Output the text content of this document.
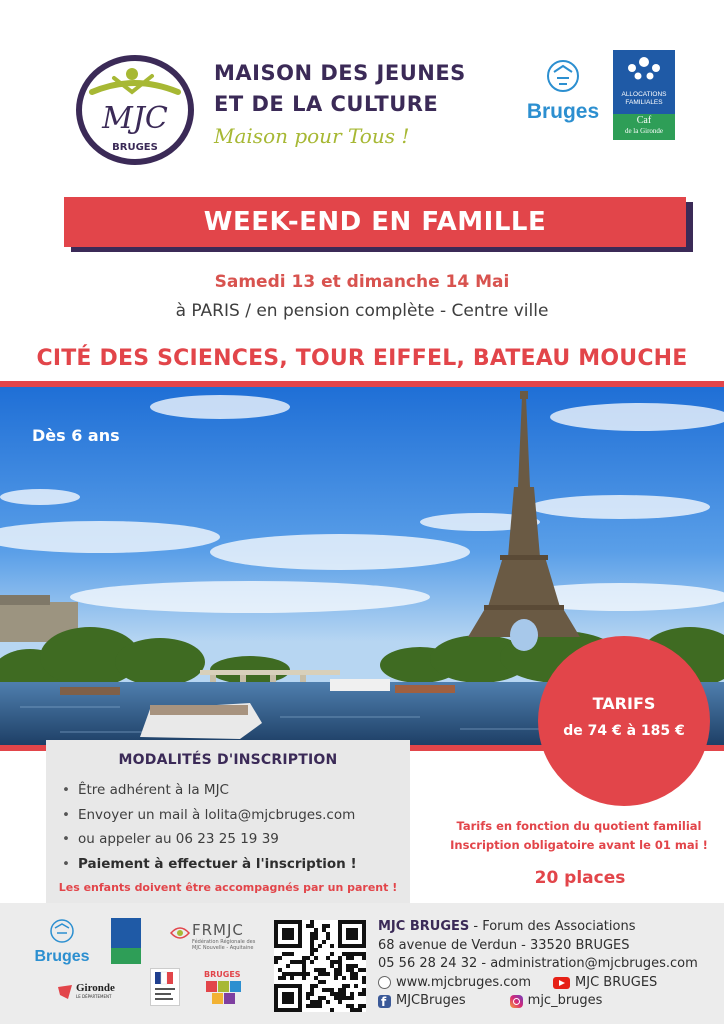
MJC
BRUGES
MAISON DES JEUNES
ET DE LA CULTURE
Maison pour Tous !
Bruges
ALLOCATIONS
FAMILIALES
Caf
de la Gironde
WEEK-END EN FAMILLE
Samedi 13 et dimanche 14 Mai
à PARIS / en pension complète - Centre ville
CITÉ DES SCIENCES, TOUR EIFFEL, BATEAU MOUCHE
Dès 6 ans
TARIFS
de 74 € à 185 €
MODALITÉS D'INSCRIPTION
• Être adhérent à la MJC
• Envoyer un mail à lolita@mjcbruges.com
• ou appeler au 06 23 25 19 39
• Paiement à effectuer à l'inscription !
Les enfants doivent être accompagnés par un parent !
Tarifs en fonction du quotient familial
Inscription obligatoire avant le 01 mai !
20 places
Bruges
FRMJC
Fédération Régionale des MJC Nouvelle - Aquitaine
Gironde
LE DÉPARTEMENT
BRUGES
MJC BRUGES - Forum des Associations
68 avenue de Verdun - 33520 BRUGES
05 56 28 24 32 - administration@mjcbruges.com
www.mjcbruges.com	MJC BRUGES
f
MJCBruges	mjc_bruges
